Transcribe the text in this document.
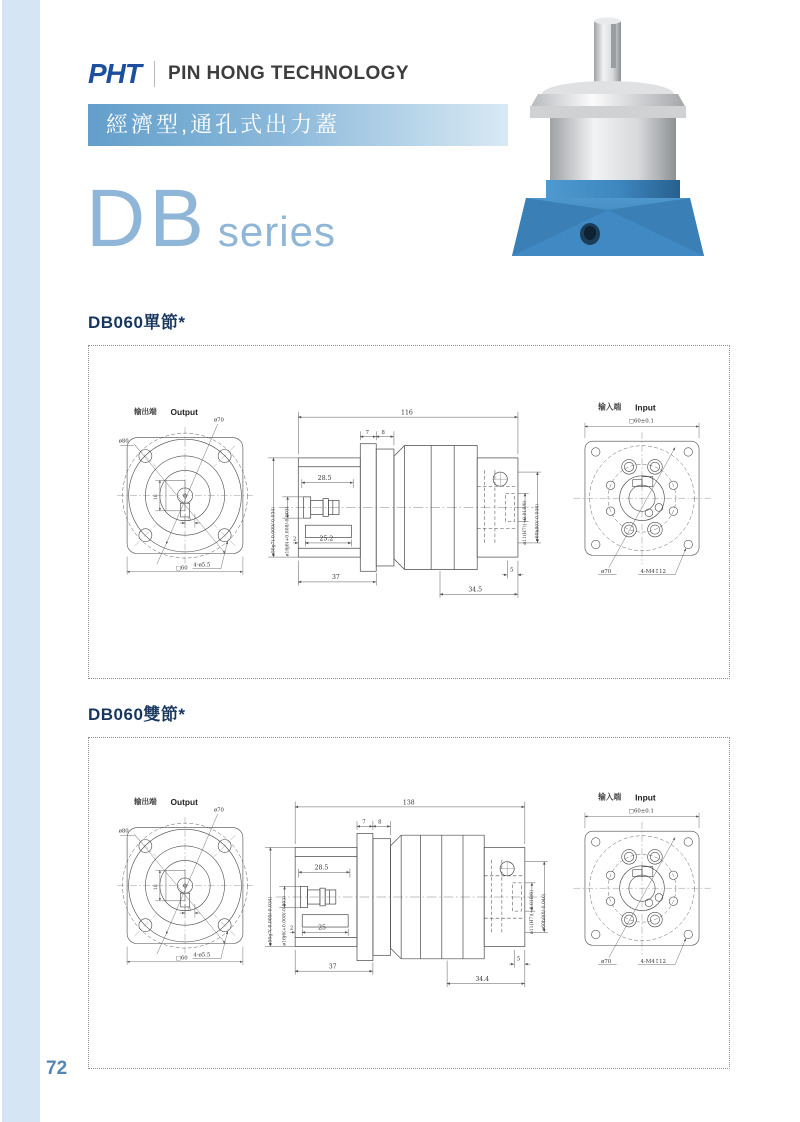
PHT PIN HONG TECHNOLOGY
經濟型,通孔式出力蓋
DB series
DB060單節*
输出端 Output
ø70
ø80
18
5
4-ø5.5
□60
116
7 8
28.5
2	25.2
37
5
34.5
ø50g7(-0.009/-0.034)	ø16j6(+0.008/-0.003)	ø11(H7)(+0.018/0)	ø60h8(0/-0.046)
输入端 Input
□60±0.1
ø70	4-M4↧12
DB060雙節*
输出端 Output
ø70
ø80
18
5
4-ø5.5
□60
138
7 8
28.5
2	25
37
5
34.4
ø50g7(-0.009/-0.034)	ø16j6(+0.008/-0.003)	ø11(H7)(+0.018/0)	ø60h8(0/-0.046)
输入端 Input
□60±0.1
ø70	4-M4↧12
72
